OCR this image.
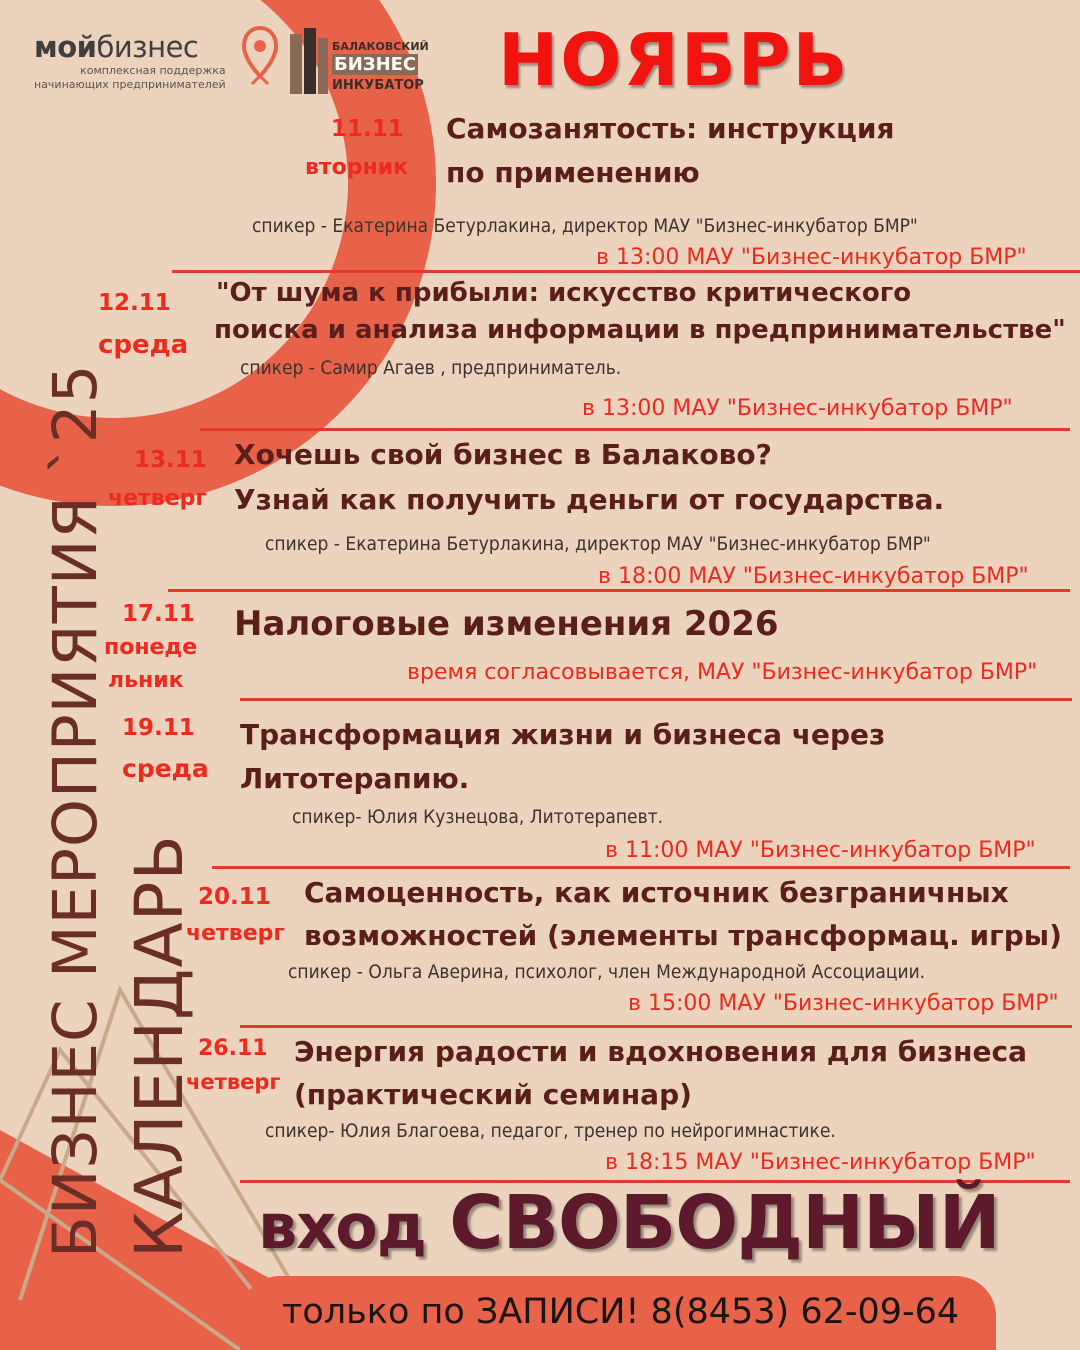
мойбизнес
комплексная поддержка
начинающих предпринимателей
БАЛАКОВСКИЙ
БИЗНЕС
ИНКУБАТОР НОЯБРЬ
БИЗНЕС МЕРОПРИЯТИЯ `25 КАЛЕНДАРЬ
11.11
вторник
Самозанятость: инструкция
по применению
спикер - Екатерина Бетурлакина, директор МАУ "Бизнес-инкубатор БМР"
в 13:00 МАУ "Бизнес-инкубатор БМР"
12.11
среда
"От шума к прибыли: искусство критического
поиска и анализа информации в предпринимательстве"
спикер - Самир Агаев , предприниматель.
в 13:00 МАУ "Бизнес-инкубатор БМР"
13.11
четверг
Хочешь свой бизнес в Балаково?
Узнай как получить деньги от государства.
спикер - Екатерина Бетурлакина, директор МАУ "Бизнес-инкубатор БМР"
в 18:00 МАУ "Бизнес-инкубатор БМР"
17.11
понеде
льник
Налоговые изменения 2026
время согласовывается, МАУ "Бизнес-инкубатор БМР"
19.11
среда
Трансформация жизни и бизнеса через
Литотерапию.
спикер- Юлия Кузнецова, Литотерапевт.
в 11:00 МАУ "Бизнес-инкубатор БМР"
20.11
четверг
Самоценность, как источник безграничных
возможностей (элементы трансформац. игры)
спикер - Ольга Аверина, психолог, член Международной Ассоциации.
в 15:00 МАУ "Бизнес-инкубатор БМР"
26.11
четверг
Энергия радости и вдохновения для бизнеса
(практический семинар)
спикер- Юлия Благоева, педагог, тренер по нейрогимнастике.
в 18:15 МАУ "Бизнес-инкубатор БМР"
вход СВОБОДНЫЙ
только по ЗАПИСИ! 8(8453) 62-09-64
